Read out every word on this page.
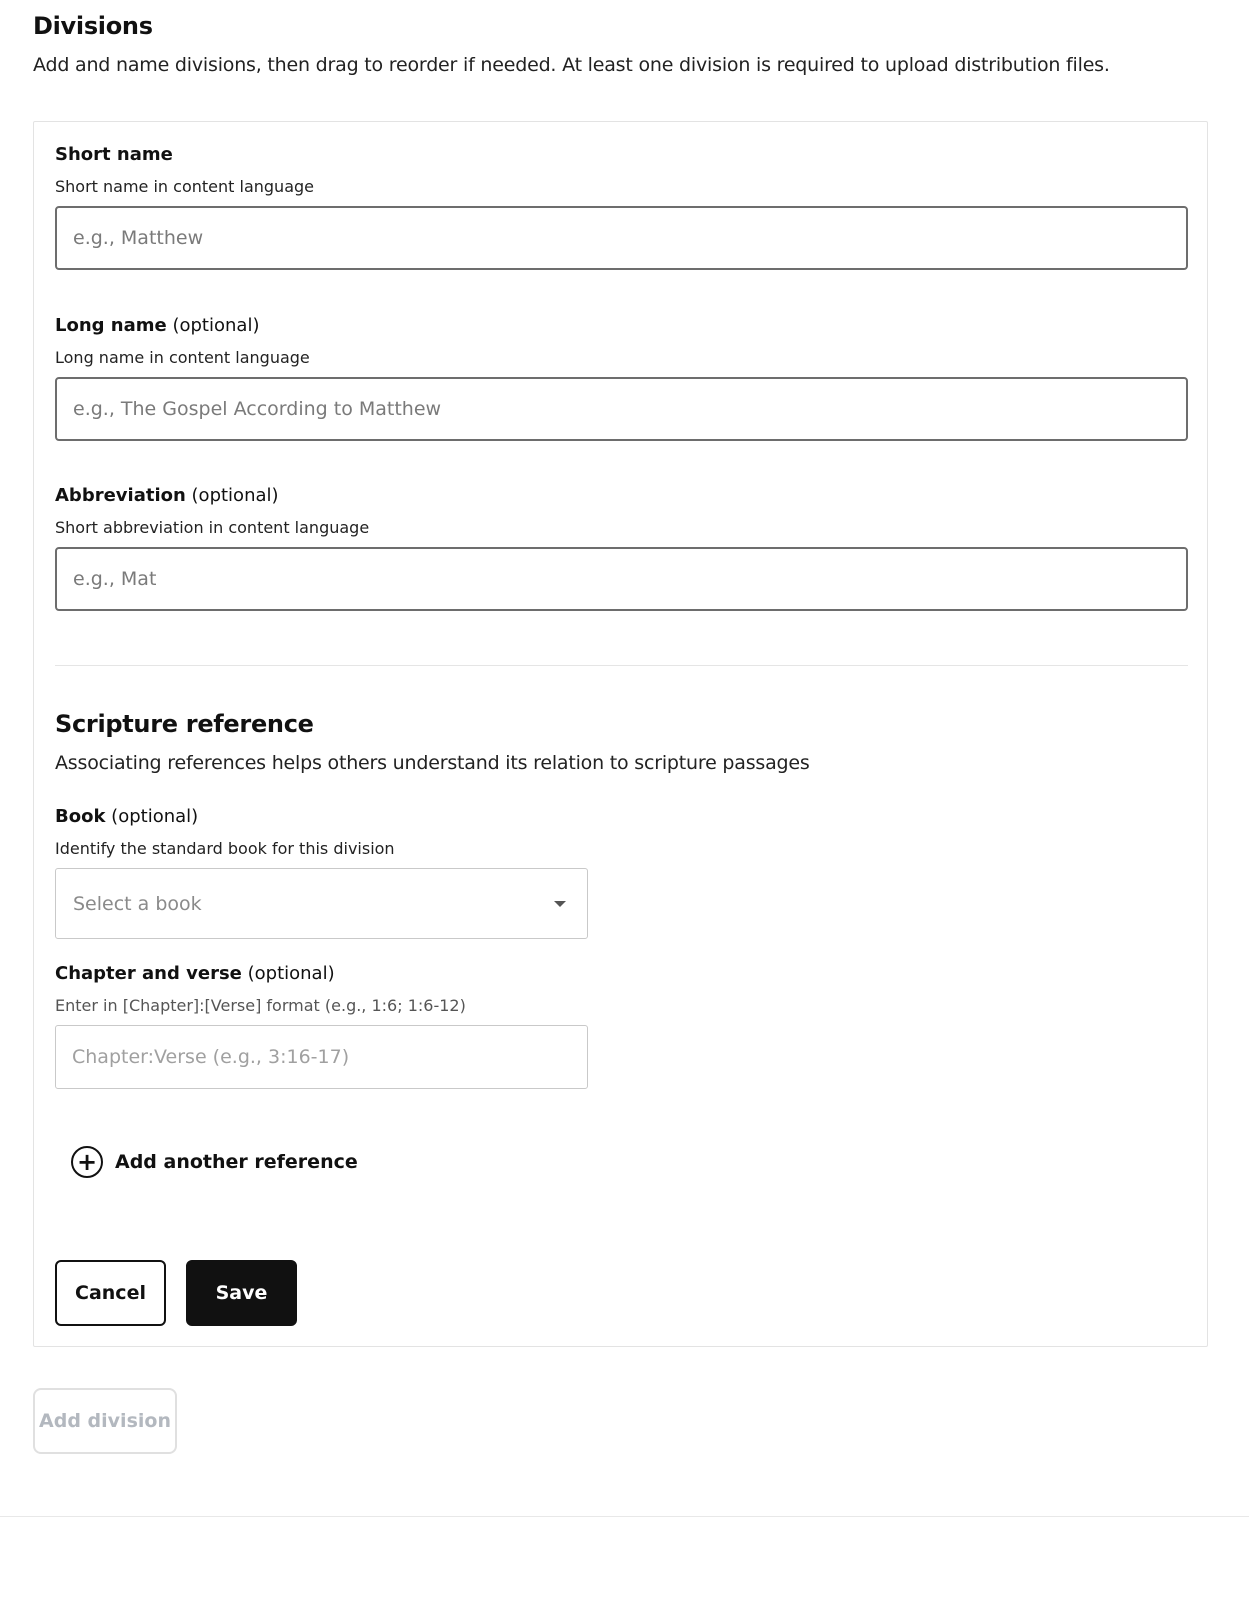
Divisions

Add and name divisions, then drag to reorder if needed. At least one division is required to upload distribution files.

Short name
Short name in content language
e.g., Matthew
Long name (optional)
Long name in content language
e.g., The Gospel According to Matthew
Abbreviation (optional)
Short abbreviation in content language
e.g., Mat
Scripture reference

Associating references helps others understand its relation to scripture passages

Book (optional)
Identify the standard book for this division
Select a book
Chapter and verse (optional)
Enter in [Chapter]:[Verse] format (e.g., 1:6; 1:6-12)
Chapter:Verse (e.g., 3:16-17)
+ Add another reference
Cancel	Save
Add division
